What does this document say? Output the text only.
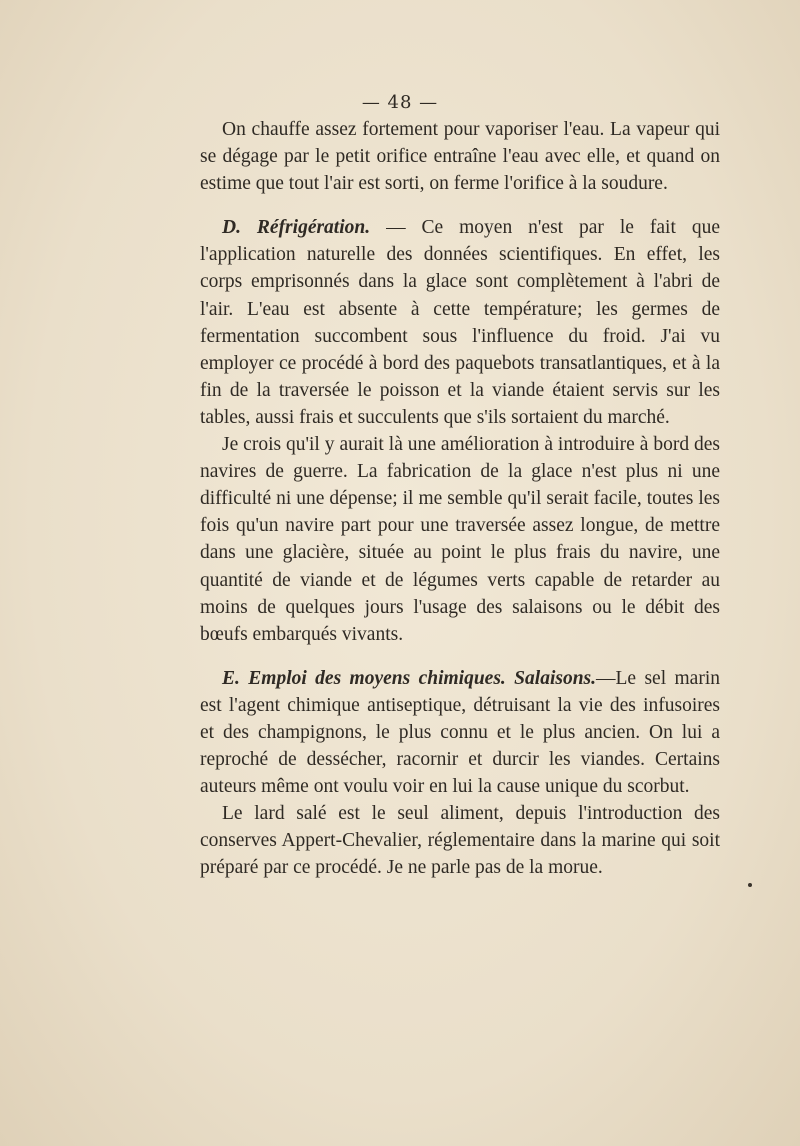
— 48 —

On chauffe assez fortement pour vaporiser l'eau. La vapeur qui se dégage par le petit orifice entraîne l'eau avec elle, et quand on estime que tout l'air est sorti, on ferme l'orifice à la soudure.

D. Réfrigération. — Ce moyen n'est par le fait que l'application naturelle des données scientifiques. En effet, les corps emprisonnés dans la glace sont complètement à l'abri de l'air. L'eau est absente à cette température; les germes de fermentation succombent sous l'influence du froid. J'ai vu employer ce procédé à bord des paquebots transatlantiques, et à la fin de la traversée le poisson et la viande étaient servis sur les tables, aussi frais et succulents que s'ils sortaient du marché.

Je crois qu'il y aurait là une amélioration à introduire à bord des navires de guerre. La fabrication de la glace n'est plus ni une difficulté ni une dépense; il me semble qu'il serait facile, toutes les fois qu'un navire part pour une traversée assez longue, de mettre dans une glacière, située au point le plus frais du navire, une quantité de viande et de légumes verts capable de retarder au moins de quelques jours l'usage des salaisons ou le débit des bœufs embarqués vivants.

E. Emploi des moyens chimiques. Salaisons.—Le sel marin est l'agent chimique antiseptique, détruisant la vie des infusoires et des champignons, le plus connu et le plus ancien. On lui a reproché de dessécher, racornir et durcir les viandes. Certains auteurs même ont voulu voir en lui la cause unique du scorbut.

Le lard salé est le seul aliment, depuis l'introduction des conserves Appert-Chevalier, réglementaire dans la marine qui soit préparé par ce procédé. Je ne parle pas de la morue.
